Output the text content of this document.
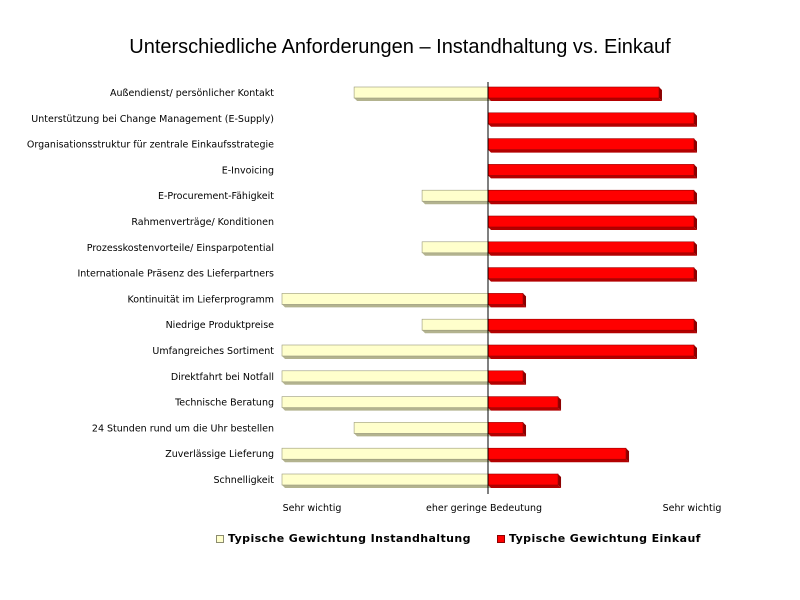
Unterschiedliche Anforderungen – Instandhaltung vs. Einkauf
Außendienst/ persönlicher Kontakt
Unterstützung bei Change Management (E-Supply)
Organisationsstruktur für zentrale Einkaufsstrategie
E-Invoicing
E-Procurement-Fähigkeit
Rahmenverträge/ Konditionen
Prozesskostenvorteile/ Einsparpotential
Internationale Präsenz des Lieferpartners
Kontinuität im Lieferprogramm
Niedrige Produktpreise
Umfangreiches Sortiment
Direktfahrt bei Notfall
Technische Beratung
24 Stunden rund um die Uhr bestellen
Zuverlässige Lieferung
Schnelligkeit
Sehr wichtig	eher geringe Bedeutung	Sehr wichtig
Typische Gewichtung Instandhaltung	Typische Gewichtung Einkauf
